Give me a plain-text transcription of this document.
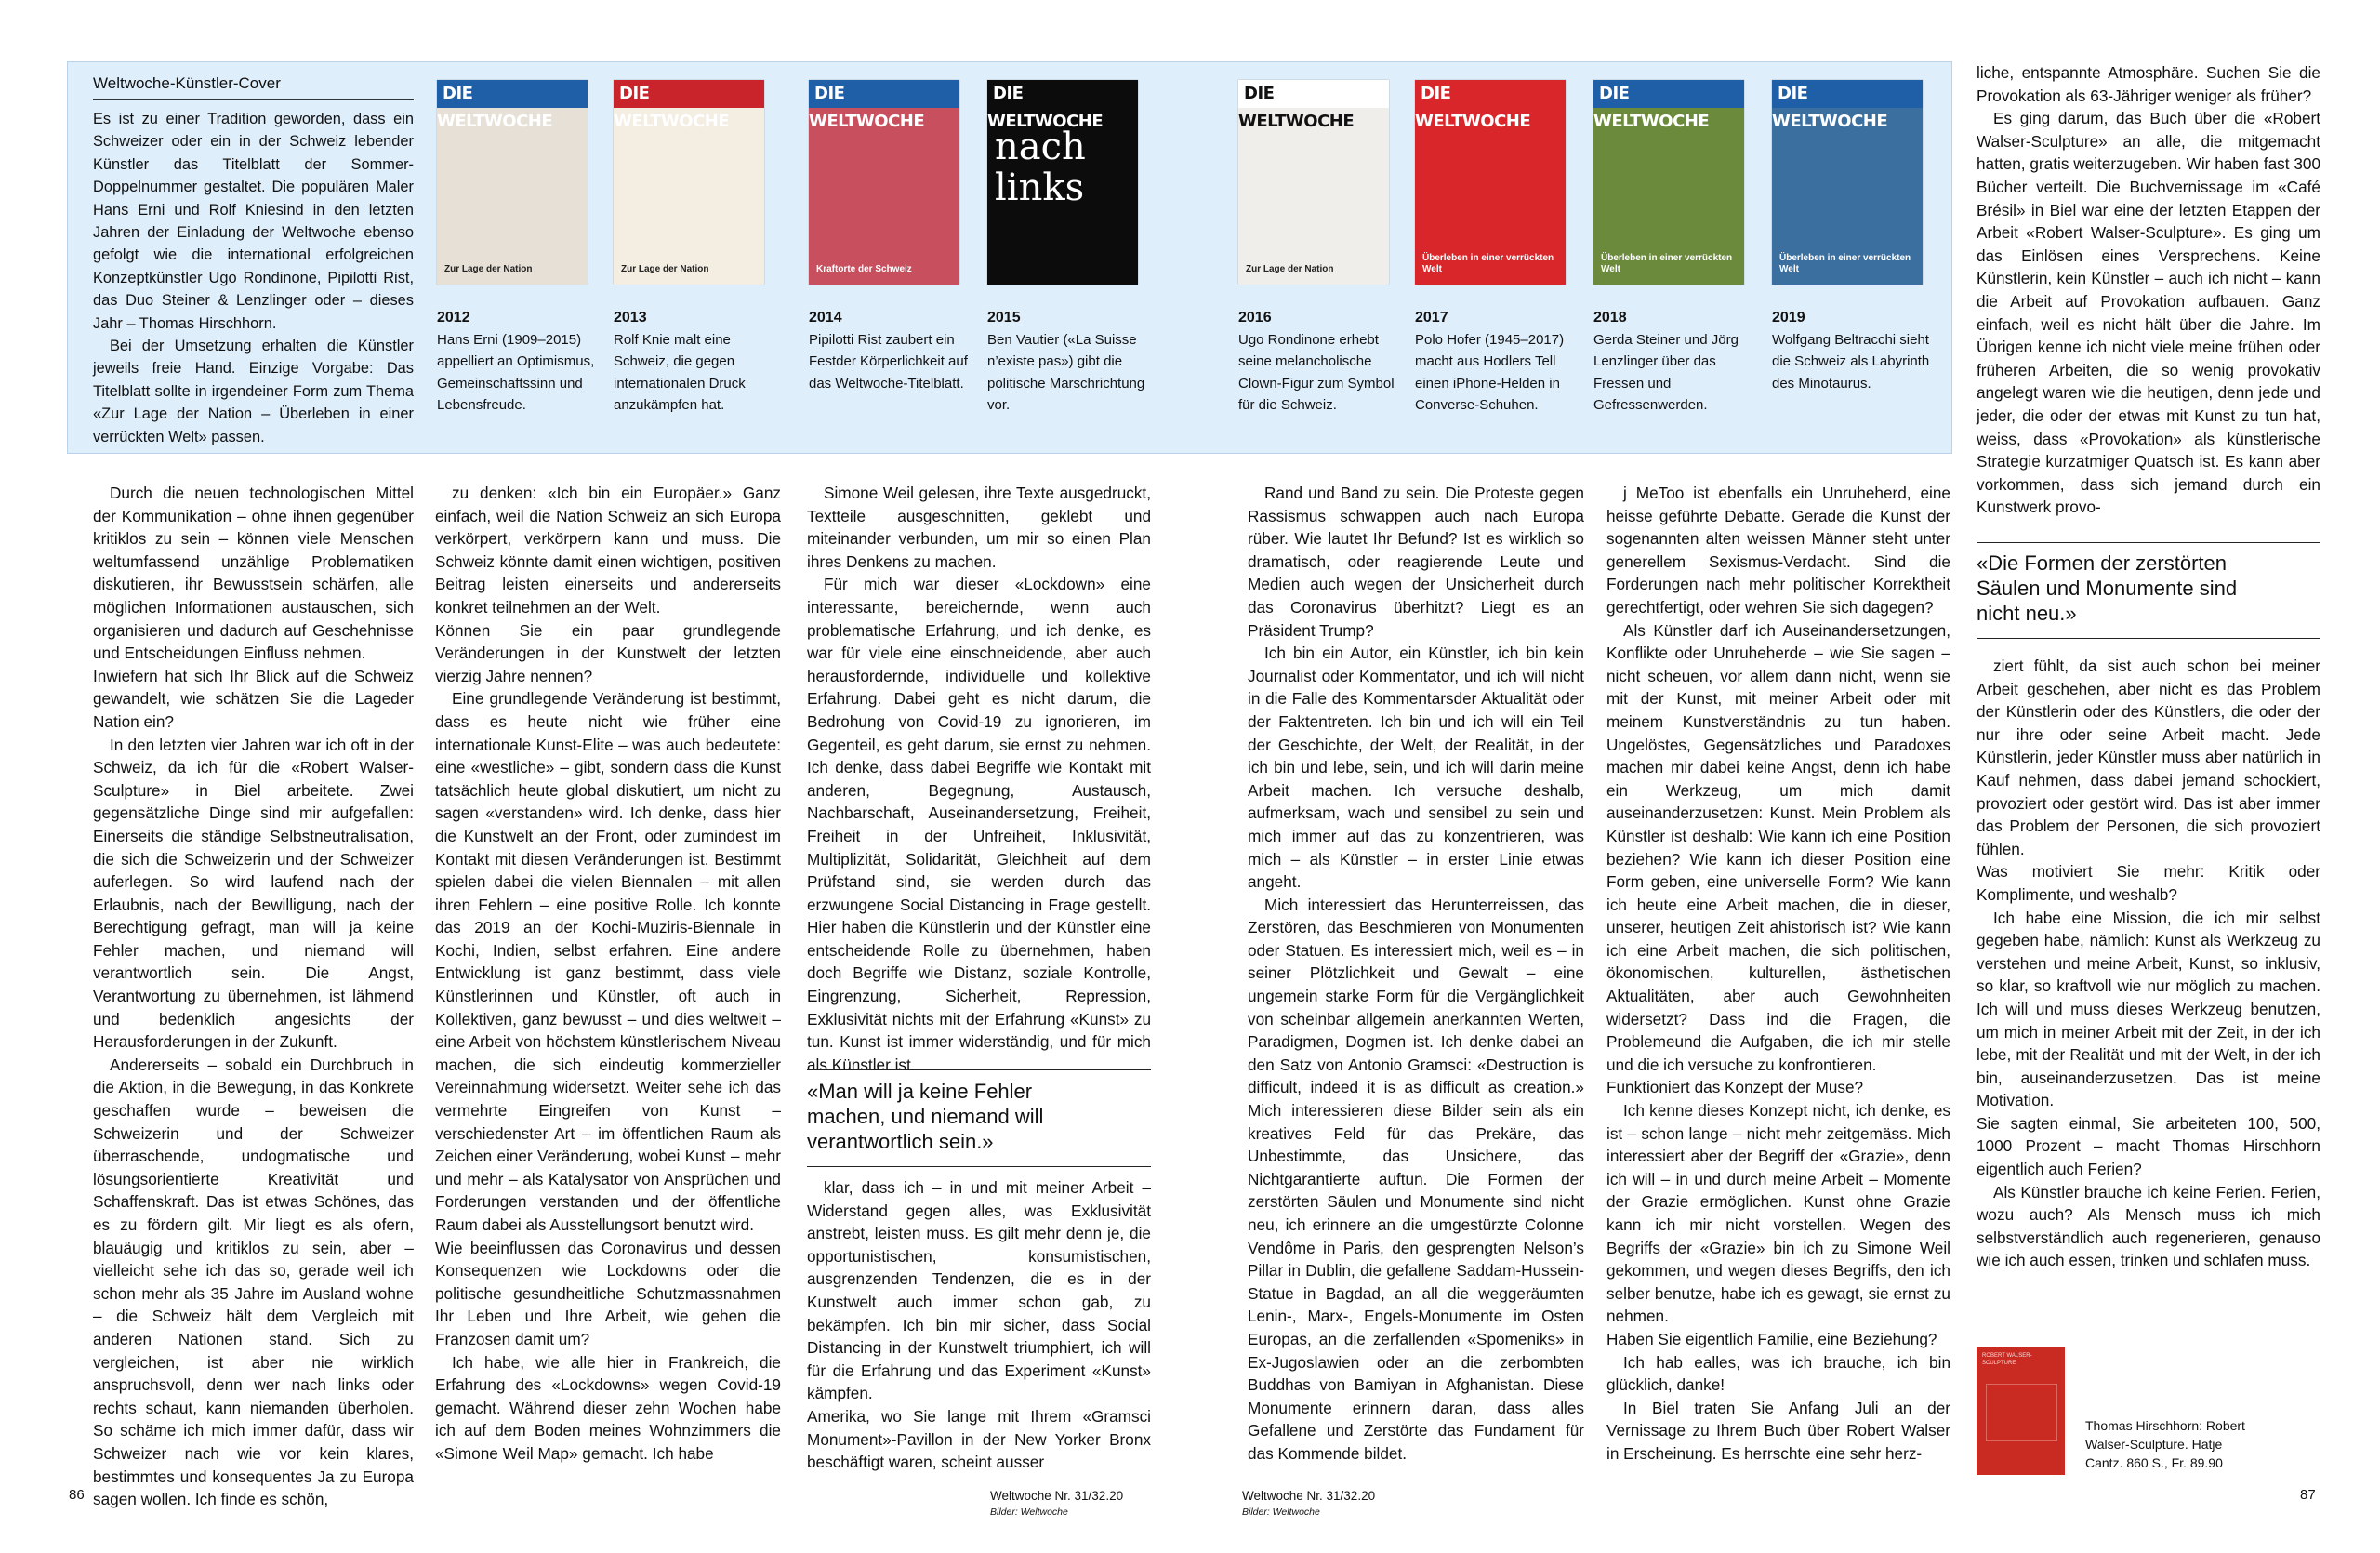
Weltwoche-Künstler-Cover

Es ist zu einer Tradition geworden, dass ein Schweizer oder ein in der Schweiz lebender Künstler das Titelblatt der Sommer-Doppelnummer gestaltet. Die populären Maler Hans Erni und Rolf Kniesind in den letzten Jahren der Einladung der Weltwoche ebenso gefolgt wie die international erfolgreichen Konzeptkünstler Ugo Rondinone, Pipilotti Rist, das Duo Steiner & Lenzlinger oder – dieses Jahr – Thomas Hirschhorn.

Bei der Umsetzung erhalten die Künstler jeweils freie Hand. Einzige Vorgabe: Das Titelblatt sollte in irgendeiner Form zum Thema «Zur Lage der Nation – Überleben in einer verrückten Welt» passen.

DIE WELTWOCHE
Zur Lage der Nation
2012
Hans Erni (1909–2015) appelliert an Optimismus, Gemeinschaftssinn und Lebensfreude.
DIE WELTWOCHE
Zur Lage der Nation
2013
Rolf Knie malt eine Schweiz, die gegen internationalen Druck anzukämpfen hat.
DIE WELTWOCHE
Kraftorte der Schweiz
2014
Pipilotti Rist zaubert ein Festder Körperlichkeit auf das Weltwoche-Titelblatt.
DIE WELTWOCHE
nach links
2015
Ben Vautier («La Suisse n’existe pas») gibt die politische Marschrichtung vor.
DIE WELTWOCHE
Zur Lage der Nation
2016
Ugo Rondinone erhebt seine melancholische Clown-Figur zum Symbol für die Schweiz.
DIE WELTWOCHE
Überleben in einer verrückten Welt
2017
Polo Hofer (1945–2017) macht aus Hodlers Tell einen iPhone-Helden in Converse-Schuhen.
DIE WELTWOCHE
Überleben in einer verrückten Welt
2018
Gerda Steiner und Jörg Lenzlinger über das Fressen und Gefressenwerden.
DIE WELTWOCHE
Überleben in einer verrückten Welt
2019
Wolfgang Beltracchi sieht die Schweiz als Labyrinth des Minotaurus.

Durch die neuen technologischen Mittel der Kommunikation – ohne ihnen gegenüber kritiklos zu sein – können viele Menschen weltumfassend unzählige Problematiken diskutieren, ihr Bewusstsein schärfen, alle möglichen Informationen austauschen, sich organisieren und dadurch auf Geschehnisse und Entscheidungen Einfluss nehmen.

Inwiefern hat sich Ihr Blick auf die Schweiz gewandelt, wie schätzen Sie die Lageder Nation ein?

In den letzten vier Jahren war ich oft in der Schweiz, da ich für die «Robert Walser-Sculpture» in Biel arbeitete. Zwei gegensätzliche Dinge sind mir aufgefallen: Einerseits die ständige Selbstneutralisation, die sich die Schweizerin und der Schweizer auferlegen. So wird laufend nach der Erlaubnis, nach der Bewilligung, nach der Berechtigung gefragt, man will ja keine Fehler machen, und niemand will verantwortlich sein. Die Angst, Verantwortung zu übernehmen, ist lähmend und bedenklich angesichts der Herausforderungen in der Zukunft.

Andererseits – sobald ein Durchbruch in die Aktion, in die Bewegung, in das Konkrete geschaffen wurde – beweisen die Schweizerin und der Schweizer überraschende, undogmatische und lösungsorientierte Kreativität und Schaffenskraft. Das ist etwas Schönes, das es zu fördern gilt. Mir liegt es als ofern, blauäugig und kritiklos zu sein, aber – vielleicht sehe ich das so, gerade weil ich schon mehr als 35 Jahre im Ausland wohne – die Schweiz hält dem Vergleich mit anderen Nationen stand. Sich zu vergleichen, ist aber nie wirklich anspruchsvoll, denn wer nach links oder rechts schaut, kann niemanden überholen. So schäme ich mich immer dafür, dass wir Schweizer nach wie vor kein klares, bestimmtes und konsequentes Ja zu Europa sagen wollen. Ich finde es schön,

zu denken: «Ich bin ein Europäer.» Ganz einfach, weil die Nation Schweiz an sich Europa verkörpert, verkörpern kann und muss. Die Schweiz könnte damit einen wichtigen, positiven Beitrag leisten einerseits und andererseits konkret teilnehmen an der Welt.

Können Sie ein paar grundlegende Veränderungen in der Kunstwelt der letzten vierzig Jahre nennen?

Eine grundlegende Veränderung ist bestimmt, dass es heute nicht wie früher eine internationale Kunst-Elite – was auch bedeutete: eine «westliche» – gibt, sondern dass die Kunst tatsächlich heute global diskutiert, um nicht zu sagen «verstanden» wird. Ich denke, dass hier die Kunstwelt an der Front, oder zumindest im Kontakt mit diesen Veränderungen ist. Bestimmt spielen dabei die vielen Biennalen – mit allen ihren Fehlern – eine positive Rolle. Ich konnte das 2019 an der Kochi-Muziris-Biennale in Kochi, Indien, selbst erfahren. Eine andere Entwicklung ist ganz bestimmt, dass viele Künstlerinnen und Künstler, oft auch in Kollektiven, ganz bewusst – und dies weltweit – eine Arbeit von höchstem künstlerischem Niveau machen, die sich eindeutig kommerzieller Vereinnahmung widersetzt. Weiter sehe ich das vermehrte Eingreifen von Kunst – verschiedenster Art – im öffentlichen Raum als Zeichen einer Veränderung, wobei Kunst – mehr und mehr – als Katalysator von Ansprüchen und Forderungen verstanden und der öffentliche Raum dabei als Ausstellungsort benutzt wird.

Wie beeinflussen das Coronavirus und dessen Konsequenzen wie Lockdowns oder die politische gesundheitliche Schutzmassnahmen Ihr Leben und Ihre Arbeit, wie gehen die Franzosen damit um?

Ich habe, wie alle hier in Frankreich, die Erfahrung des «Lockdowns» wegen Covid-19 gemacht. Während dieser zehn Wochen habe ich auf dem Boden meines Wohnzimmers die «Simone Weil Map» gemacht. Ich habe

Simone Weil gelesen, ihre Texte ausgedruckt, Textteile ausgeschnitten, geklebt und miteinander verbunden, um mir so einen Plan ihres Denkens zu machen.

Für mich war dieser «Lockdown» eine interessante, bereichernde, wenn auch problematische Erfahrung, und ich denke, es war für viele eine einschneidende, aber auch herausfordernde, individuelle und kollektive Erfahrung. Dabei geht es nicht darum, die Bedrohung von Covid-19 zu ignorieren, im Gegenteil, es geht darum, sie ernst zu nehmen. Ich denke, dass dabei Begriffe wie Kontakt mit anderen, Begegnung, Austausch, Nachbarschaft, Auseinandersetzung, Freiheit, Freiheit in der Unfreiheit, Inklusivität, Multiplizität, Solidarität, Gleichheit auf dem Prüfstand sind, sie werden durch das erzwungene Social Distancing in Frage gestellt. Hier haben die Künstlerin und der Künstler eine entscheidende Rolle zu übernehmen, haben doch Begriffe wie Distanz, soziale Kontrolle, Eingrenzung, Sicherheit, Repression, Exklusivität nichts mit der Erfahrung «Kunst» zu tun. Kunst ist immer widerständig, und für mich als Künstler ist

«Man will ja keine Fehler machen, und niemand will verantwortlich sein.»

klar, dass ich – in und mit meiner Arbeit – Widerstand gegen alles, was Exklusivität anstrebt, leisten muss. Es gilt mehr denn je, die opportunistischen, konsumistischen, ausgrenzenden Tendenzen, die es in der Kunstwelt auch immer schon gab, zu bekämpfen. Ich bin mir sicher, dass Social Distancing in der Kunstwelt triumphiert, ich will für die Erfahrung und das Experiment «Kunst» kämpfen.

Amerika, wo Sie lange mit Ihrem «Gramsci Monument»-Pavillon in der New Yorker Bronx beschäftigt waren, scheint ausser

Rand und Band zu sein. Die Proteste gegen Rassismus schwappen auch nach Europa rüber. Wie lautet Ihr Befund? Ist es wirklich so dramatisch, oder reagierende Leute und Medien auch wegen der Unsicherheit durch das Coronavirus überhitzt? Liegt es an Präsident Trump?

Ich bin ein Autor, ein Künstler, ich bin kein Journalist oder Kommentator, und ich will nicht in die Falle des Kommentarsder Aktualität oder der Faktentreten. Ich bin und ich will ein Teil der Geschichte, der Welt, der Realität, in der ich bin und lebe, sein, und ich will darin meine Arbeit machen. Ich versuche deshalb, aufmerksam, wach und sensibel zu sein und mich immer auf das zu konzentrieren, was mich – als Künstler – in erster Linie etwas angeht.

Mich interessiert das Herunterreissen, das Zerstören, das Beschmieren von Monumenten oder Statuen. Es interessiert mich, weil es – in seiner Plötzlichkeit und Gewalt – eine ungemein starke Form für die Vergänglichkeit von scheinbar allgemein anerkannten Werten, Paradigmen, Dogmen ist. Ich denke dabei an den Satz von Antonio Gramsci: «Destruction is difficult, indeed it is as difficult as creation.» Mich interessieren diese Bilder sein als ein kreatives Feld für das Prekäre, das Unbestimmte, das Unsichere, das Nichtgarantierte auftun. Die Formen der zerstörten Säulen und Monumente sind nicht neu, ich erinnere an die umgestürzte Colonne Vendôme in Paris, den gesprengten Nelson’s Pillar in Dublin, die gefallene Saddam-Hussein-Statue in Bagdad, an all die weggeräumten Lenin-, Marx-, Engels-Monumente im Osten Europas, an die zerfallenden «Spomeniks» in Ex-Jugoslawien oder an die zerbombten Buddhas von Bamiyan in Afghanistan. Diese Monumente erinnern daran, dass alles Gefallene und Zerstörte das Fundament für das Kommende bildet.

j MeToo ist ebenfalls ein Unruheherd, eine heisse geführte Debatte. Gerade die Kunst der sogenannten alten weissen Männer steht unter generellem Sexismus-Verdacht. Sind die Forderungen nach mehr politischer Korrektheit gerechtfertigt, oder wehren Sie sich dagegen?

Als Künstler darf ich Auseinandersetzungen, Konflikte oder Unruheherde – wie Sie sagen – nicht scheuen, vor allem dann nicht, wenn sie mit der Kunst, mit meiner Arbeit oder mit meinem Kunstverständnis zu tun haben. Ungelöstes, Gegensätzliches und Paradoxes machen mir dabei keine Angst, denn ich habe ein Werkzeug, um mich damit auseinanderzusetzen: Kunst. Mein Problem als Künstler ist deshalb: Wie kann ich eine Position beziehen? Wie kann ich dieser Position eine Form geben, eine universelle Form? Wie kann ich heute eine Arbeit machen, die in dieser, unserer, heutigen Zeit ahistorisch ist? Wie kann ich eine Arbeit machen, die sich politischen, ökonomischen, kulturellen, ästhetischen Aktualitäten, aber auch Gewohnheiten widersetzt? Dass ind die Fragen, die Problemeund die Aufgaben, die ich mir stelle und die ich versuche zu konfrontieren.

Funktioniert das Konzept der Muse?

Ich kenne dieses Konzept nicht, ich denke, es ist – schon lange – nicht mehr zeitgemäss. Mich interessiert aber der Begriff der «Grazie», denn ich will – in und durch meine Arbeit – Momente der Grazie ermöglichen. Kunst ohne Grazie kann ich mir nicht vorstellen. Wegen des Begriffs der «Grazie» bin ich zu Simone Weil gekommen, und wegen dieses Begriffs, den ich selber benutze, habe ich es gewagt, sie ernst zu nehmen.

Haben Sie eigentlich Familie, eine Beziehung?

Ich hab ealles, was ich brauche, ich bin glücklich, danke!

In Biel traten Sie Anfang Juli an der Vernissage zu Ihrem Buch über Robert Walser in Erscheinung. Es herrschte eine sehr herz-

liche, entspannte Atmosphäre. Suchen Sie die Provokation als 63-Jähriger weniger als früher?

Es ging darum, das Buch über die «Robert Walser-Sculpture» an alle, die mitgemacht hatten, gratis weiterzugeben. Wir haben fast 300 Bücher verteilt. Die Buchvernissage im «Café Brésil» in Biel war eine der letzten Etappen der Arbeit «Robert Walser-Sculpture». Es ging um das Einlösen eines Versprechens. Keine Künstlerin, kein Künstler – auch ich nicht – kann die Arbeit auf Provokation aufbauen. Ganz einfach, weil es nicht hält über die Jahre. Im Übrigen kenne ich nicht viele meine frühen oder früheren Arbeiten, die so wenig provokativ angelegt waren wie die heutigen, denn jede und jeder, die oder der etwas mit Kunst zu tun hat, weiss, dass «Provokation» als künstlerische Strategie kurzatmiger Quatsch ist. Es kann aber vorkommen, dass sich jemand durch ein Kunstwerk provo-

«Die Formen der zerstörten Säulen und Monumente sind nicht neu.»

ziert fühlt, da sist auch schon bei meiner Arbeit geschehen, aber nicht es das Problem der Künstlerin oder des Künstlers, die oder der nur ihre oder seine Arbeit macht. Jede Künstlerin, jeder Künstler muss aber natürlich in Kauf nehmen, dass dabei jemand schockiert, provoziert oder gestört wird. Das ist aber immer das Problem der Personen, die sich provoziert fühlen.

Was motiviert Sie mehr: Kritik oder Komplimente, und weshalb?

Ich habe eine Mission, die ich mir selbst gegeben habe, nämlich: Kunst als Werkzeug zu verstehen und meine Arbeit, Kunst, so inklusiv, so klar, so kraftvoll wie nur möglich zu machen. Ich will und muss dieses Werkzeug benutzen, um mich in meiner Arbeit mit der Zeit, in der ich lebe, mit der Realität und mit der Welt, in der ich bin, auseinanderzusetzen. Das ist meine Motivation.

Sie sagten einmal, Sie arbeiteten 100, 500, 1000 Prozent – macht Thomas Hirschhorn eigentlich auch Ferien?

Als Künstler brauche ich keine Ferien. Ferien, wozu auch? Als Mensch muss ich mich selbstverständlich auch regenerieren, genauso wie ich auch essen, trinken und schlafen muss.

ROBERT WALSER-SCULPTURE
Thomas Hirschhorn: Robert Walser-Sculpture. Hatje Cantz. 860 S., Fr. 89.90
86	Weltwoche Nr. 31/32.20
Bilder: Weltwoche
Weltwoche Nr. 31/32.20
Bilder: Weltwoche
87
